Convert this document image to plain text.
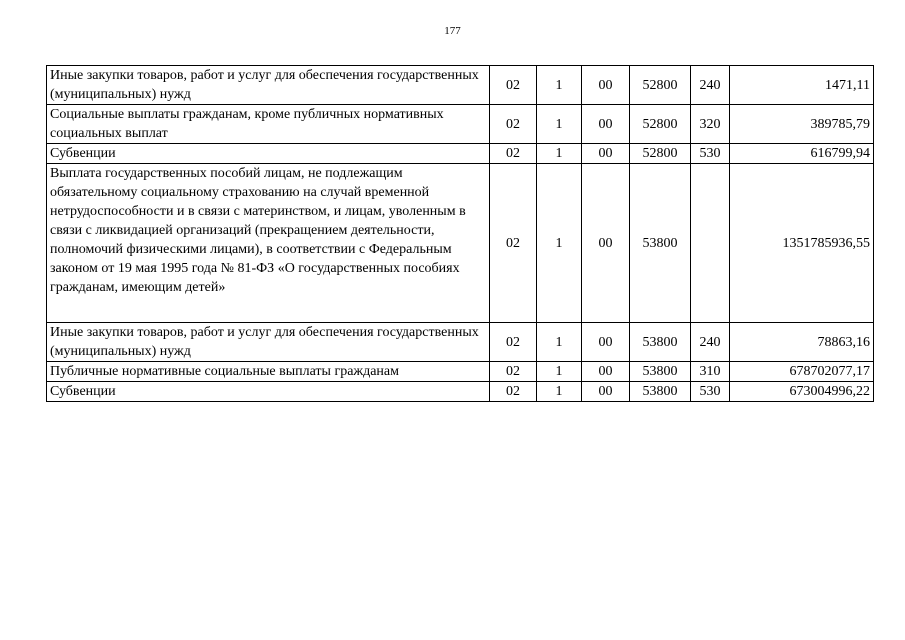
177
Иные закупки товаров, работ и услуг для обеспечения государственных (муниципальных) нужд	02	1	00	52800	240	1471,11
Социальные выплаты гражданам, кроме публичных нормативных социальных выплат	02	1	00	52800	320	389785,79
Субвенции	02	1	00	52800	530	616799,94
Выплата государственных пособий лицам, не подлежащим обязательному социальному страхованию на случай временной нетрудоспособности и в связи с материнством, и лицам, уволенным в связи с ликвидацией организаций (прекращением деятельности, полномочий физическими лицами), в соответствии с Федеральным законом от 19 мая 1995 года № 81-ФЗ «О государственных пособиях гражданам, имеющим детей»	02	1	00	53800		1351785936,55
Иные закупки товаров, работ и услуг для обеспечения государственных (муниципальных) нужд	02	1	00	53800	240	78863,16
Публичные нормативные социальные выплаты гражданам	02	1	00	53800	310	678702077,17
Субвенции	02	1	00	53800	530	673004996,22
